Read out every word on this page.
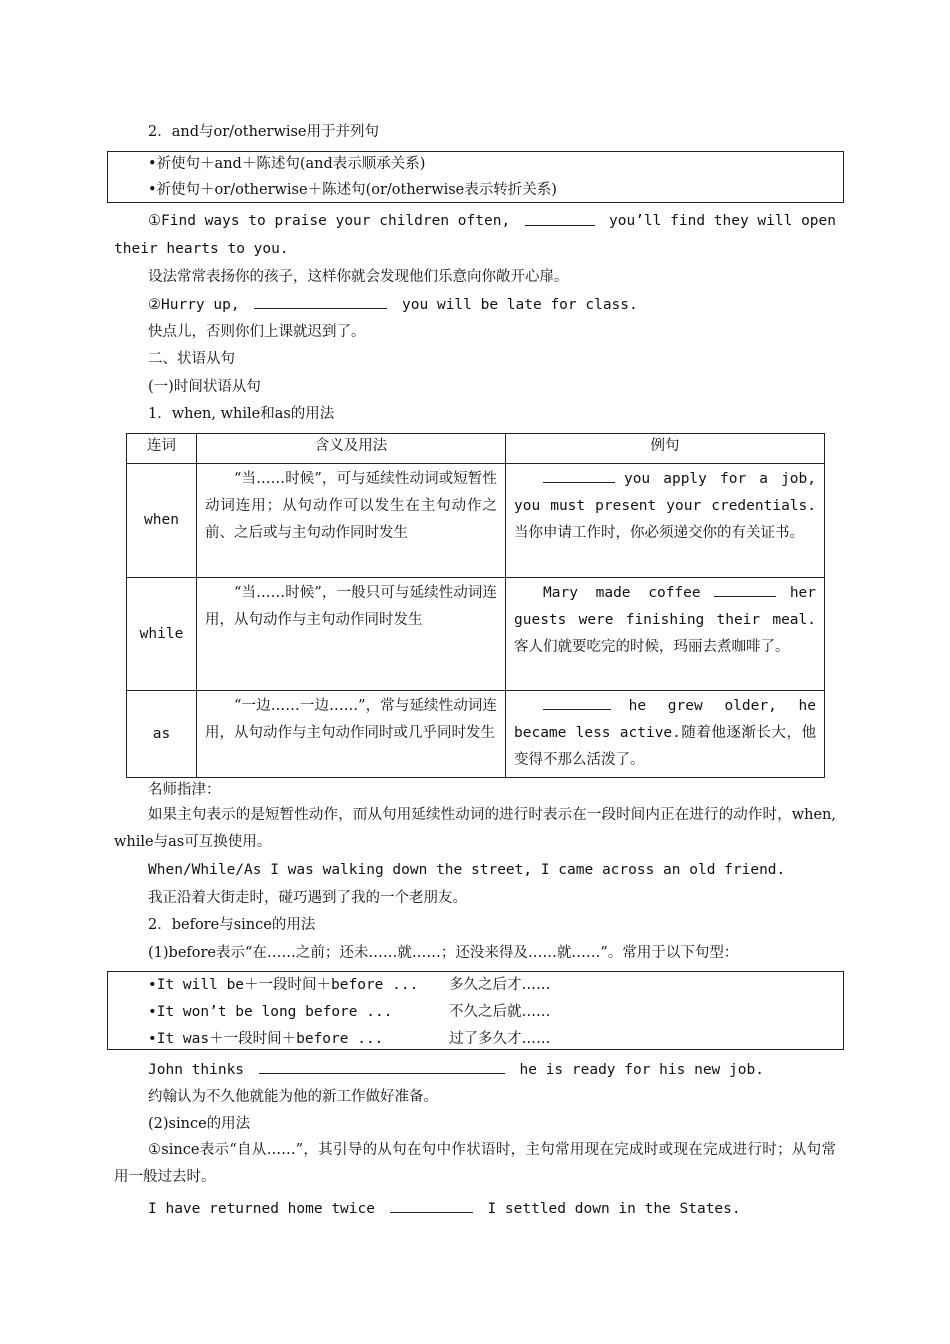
2．and与or/otherwise用于并列句
•祈使句＋and＋陈述句(and表示顺承关系)
•祈使句＋or/otherwise＋陈述句(or/otherwise表示转折关系)
①Find ways to praise your children often,	you’ll find they will open
their hearts to you.
设法常常表扬你的孩子，这样你就会发现他们乐意向你敞开心扉。
②Hurry up,	you will be late for class.
快点儿，否则你们上课就迟到了。
二、状语从句
(一)时间状语从句
1．when, while和as的用法
连词	含义及用法	例句
when	“当……时候”，可与延续性动词或短暂性动词连用；从句动作可以发生在主句动作之前、之后或与主句动作同时发生	you apply for a job, you must present your credentials.当你申请工作时，你必须递交你的有关证书。

while	“当……时候”，一般只可与延续性动词连用，从句动作与主句动作同时发生	Mary made coffee her guests were finishing their meal.客人们就要吃完的时候，玛丽去煮咖啡了。

as	“一边……一边……”，常与延续性动词连用，从句动作与主句动作同时或几乎同时发生	he grew older, he became less active.随着他逐渐长大，他变得不那么活泼了。
名师指津：
如果主句表示的是短暂性动作，而从句用延续性动词的进行时表示在一段时间内正在进行的动作时，when, while与as可互换使用。
When/While/As I was walking down the street, I came across an old friend.
我正沿着大街走时，碰巧遇到了我的一个老朋友。
2．before与since的用法
(1)before表示“在……之前；还未……就……；还没来得及……就……”。常用于以下句型：
•It will be＋一段时间＋before ... 多久之后才……
•It won’t be long before ...	不久之后就……
•It was＋一段时间＋before ...	过了多久才……
John thinks	he is ready for his new job.
约翰认为不久他就能为他的新工作做好准备。
(2)since的用法
①since表示“自从……”，其引导的从句在句中作状语时，主句常用现在完成时或现在完成进行时；从句常用一般过去时。
I have returned home twice	I settled down in the States.
